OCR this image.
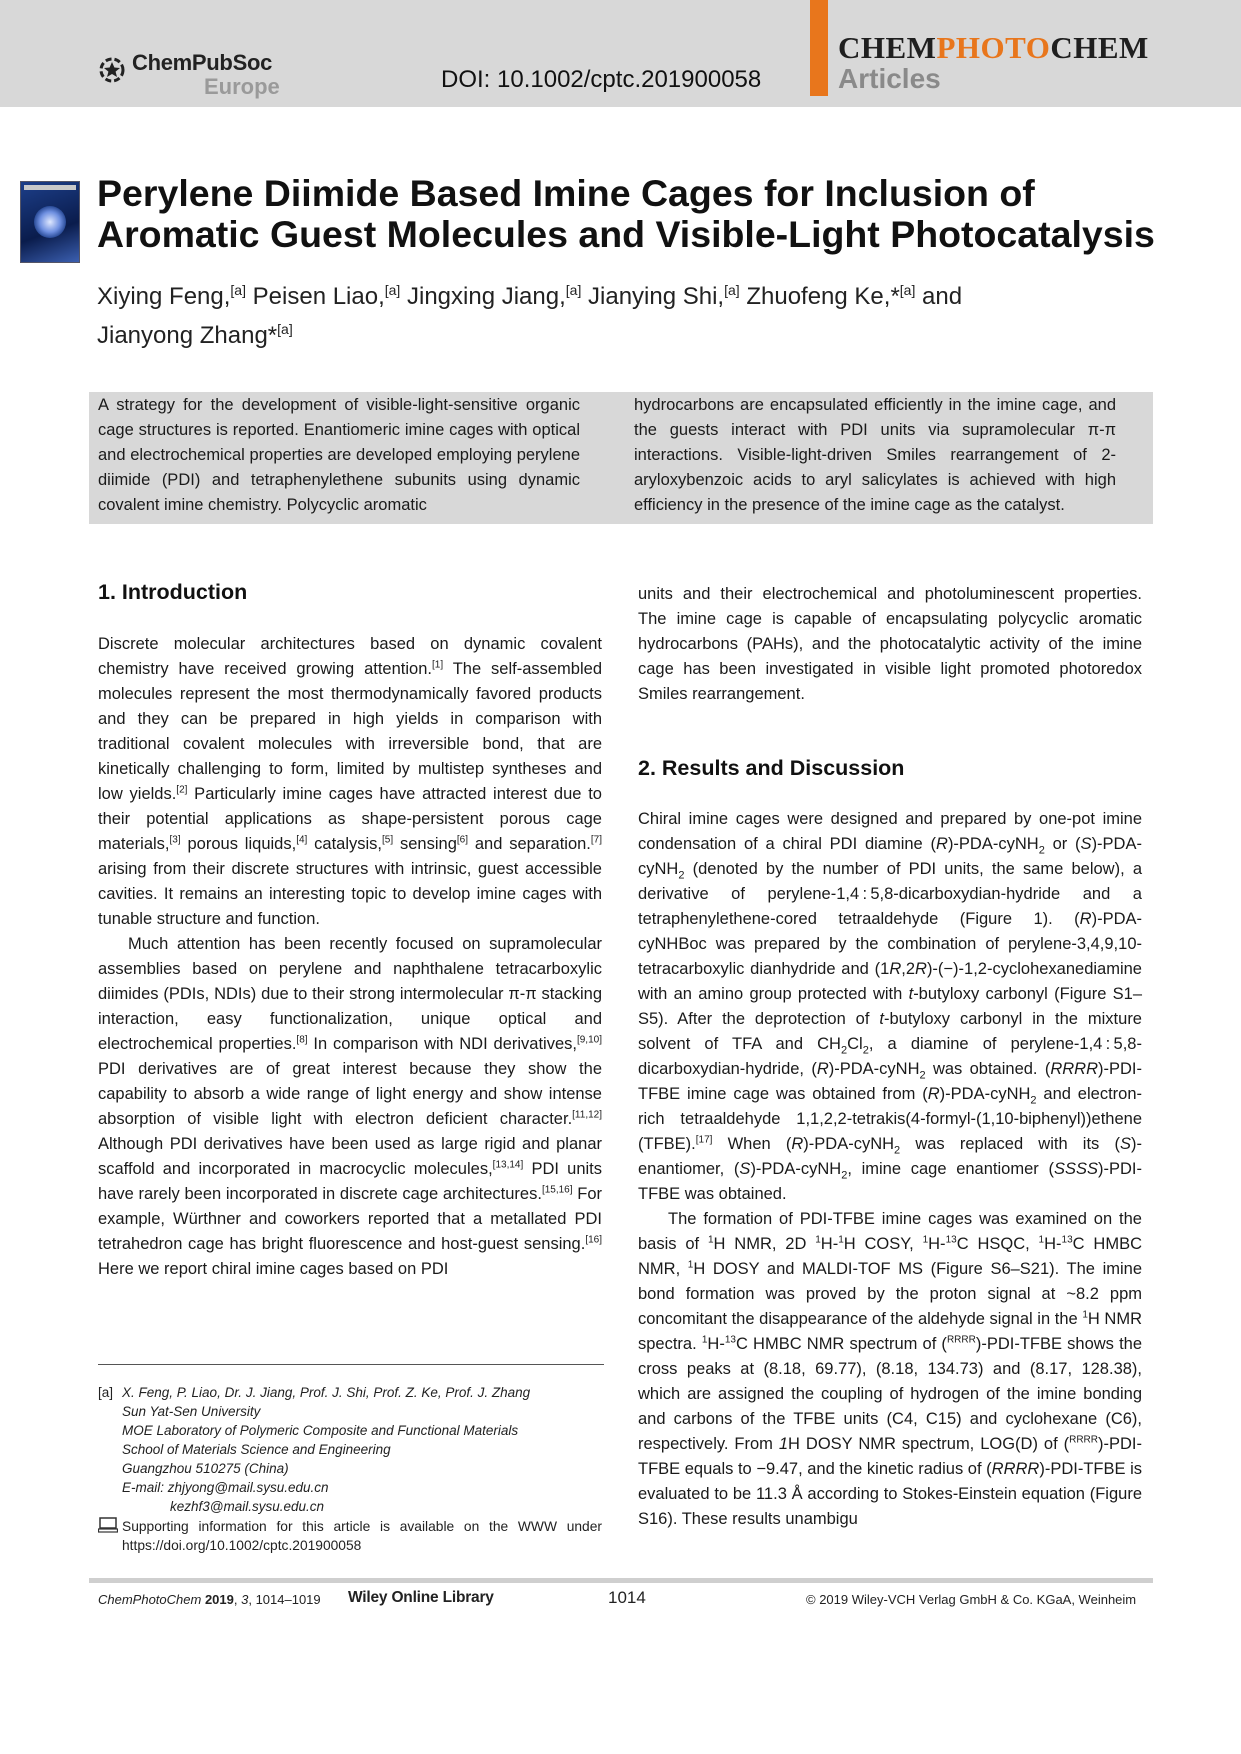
ChemPubSoc
Europe	DOI: 10.1002/cptc.201900058
CHEMPHOTOCHEM
Articles
Perylene Diimide Based Imine Cages for Inclusion of
Aromatic Guest Molecules and Visible-Light Photocatalysis
Xiying Feng,[a] Peisen Liao,[a] Jingxing Jiang,[a] Jianying Shi,[a] Zhuofeng Ke,*[a] and
Jianyong Zhang*[a]
A strategy for the development of visible-light-sensitive organic cage structures is reported. Enantiomeric imine cages with optical and electrochemical properties are developed employing perylene diimide (PDI) and tetraphenylethene subunits using dynamic covalent imine chemistry. Polycyclic aromatic
hydrocarbons are encapsulated efficiently in the imine cage, and the guests interact with PDI units via supramolecular π-π interactions. Visible-light-driven Smiles rearrangement of 2-aryloxybenzoic acids to aryl salicylates is achieved with high efficiency in the presence of the imine cage as the catalyst.
1. Introduction

Discrete molecular architectures based on dynamic covalent chemistry have received growing attention.[1] The self-assembled molecules represent the most thermodynamically favored products and they can be prepared in high yields in comparison with traditional covalent molecules with irreversible bond, that are kinetically challenging to form, limited by multistep syntheses and low yields.[2] Particularly imine cages have attracted interest due to their potential applications as shape-persistent porous cage materials,[3] porous liquids,[4] catalysis,[5] sensing[6] and separation.[7] arising from their discrete structures with intrinsic, guest accessible cavities. It remains an interesting topic to develop imine cages with tunable structure and function.

Much attention has been recently focused on supramolecular assemblies based on perylene and naphthalene tetracarboxylic diimides (PDIs, NDIs) due to their strong intermolecular π-π stacking interaction, easy functionalization, unique optical and electrochemical properties.[8] In comparison with NDI derivatives,[9,10] PDI derivatives are of great interest because they show the capability to absorb a wide range of light energy and show intense absorption of visible light with electron deficient character.[11,12] Although PDI derivatives have been used as large rigid and planar scaffold and incorporated in macrocyclic molecules,[13,14] PDI units have rarely been incorporated in discrete cage architectures.[15,16] For example, Würthner and coworkers reported that a metallated PDI tetrahedron cage has bright fluorescence and host-guest sensing.[16] Here we report chiral imine cages based on PDI

[a] X. Feng, P. Liao, Dr. J. Jiang, Prof. J. Shi, Prof. Z. Ke, Prof. J. Zhang
Sun Yat-Sen University
MOE Laboratory of Polymeric Composite and Functional Materials
School of Materials Science and Engineering
Guangzhou 510275 (China)
E-mail: zhjyong@mail.sysu.edu.cn
kezhf3@mail.sysu.edu.cn
Supporting information for this article is available on the WWW under https://doi.org/10.1002/cptc.201900058

units and their electrochemical and photoluminescent properties. The imine cage is capable of encapsulating polycyclic aromatic hydrocarbons (PAHs), and the photocatalytic activity of the imine cage has been investigated in visible light promoted photoredox Smiles rearrangement.

2. Results and Discussion

Chiral imine cages were designed and prepared by one-pot imine condensation of a chiral PDI diamine (R)-PDA-cyNH$_2$ or (S)-PDA-cyNH$_2$ (denoted by the number of PDI units, the same below), a derivative of perylene-1,4 : 5,8-dicarboxydian-hydride and a tetraphenylethene-cored tetraaldehyde (Figure 1). (R)-PDA-cyNHBoc was prepared by the combination of perylene-3,4,9,10-tetracarboxylic dianhydride and (1R,2R)-(−)-1,2-cyclohexanediamine with an amino group protected with t-butyloxy carbonyl (Figure S1–S5). After the deprotection of t-butyloxy carbonyl in the mixture solvent of TFA and $CH_2Cl_2$, a diamine of perylene-1,4 : 5,8-dicarboxydian-hydride, (R)-PDA-cyNH$_2$ was obtained. (RRRR)-PDI-TFBE imine cage was obtained from (R)-PDA-cyNH$_2$ and electron-rich tetraaldehyde 1,1,2,2-tetrakis(4-formyl-(1,10-biphenyl))ethene (TFBE).[17] When (R)-PDA-cyNH$_2$ was replaced with its (S)-enantiomer, (S)-PDA-cyNH$_2$, imine cage enantiomer (SSSS)-PDI-TFBE was obtained.

The formation of PDI-TFBE imine cages was examined on the basis of $^1$H NMR, 2D $^1$H-$^1$H COSY, $^1$H-$^{13}$C HSQC, $^1$H-$^{13}$C HMBC NMR, $^1$H DOSY and MALDI-TOF MS (Figure S6–S21). The imine bond formation was proved by the proton signal at ~8.2 ppm concomitant the disappearance of the aldehyde signal in the $^1$H NMR spectra. $^1$H-$^{13}$C HMBC NMR spectrum of ($^{RRRR}$)-PDI-TFBE shows the cross peaks at (8.18, 69.77), (8.18, 134.73) and (8.17, 128.38), which are assigned the coupling of hydrogen of the imine bonding and carbons of the TFBE units (C4, C15) and cyclohexane (C6), respectively. From 1H DOSY NMR spectrum, LOG(D) of ($^{RRRR}$)-PDI-TFBE equals to −9.47, and the kinetic radius of (RRRR)-PDI-TFBE is evaluated to be 11.3 Å according to Stokes-Einstein equation (Figure S16). These results unambigu

ChemPhotoChem 2019, 3, 1014–1019 Wiley Online Library	1014	© 2019 Wiley-VCH Verlag GmbH & Co. KGaA, Weinheim
